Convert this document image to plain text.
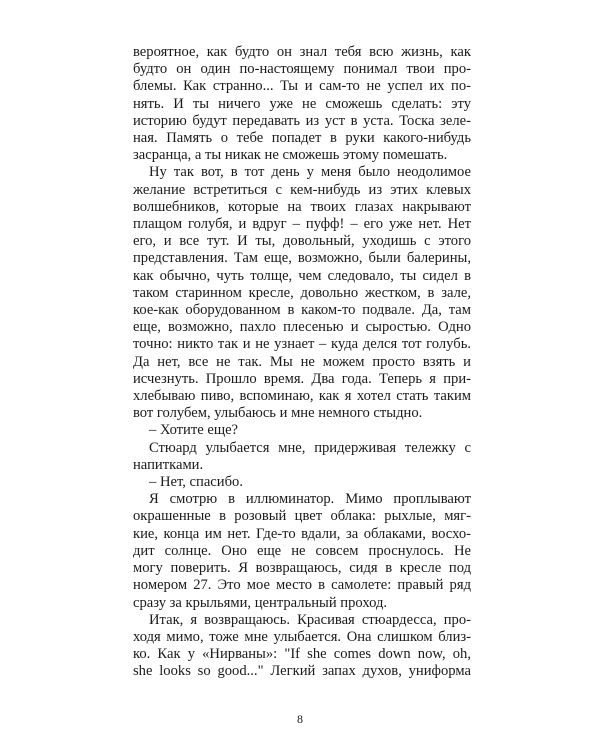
вероятное, как будто он знал тебя всю жизнь, как
будто он один по-настоящему понимал твои про-
блемы. Как странно... Ты и сам-то не успел их по-
нять. И ты ничего уже не сможешь сделать: эту
историю будут передавать из уст в уста. Тоска зеле-
ная. Память о тебе попадет в руки какого-нибудь
засранца, а ты никак не сможешь этому помешать.
Ну так вот, в тот день у меня было неодолимое
желание встретиться с кем-нибудь из этих клевых
волшебников, которые на твоих глазах накрывают
плащом голубя, и вдруг – пуфф! – его уже нет. Нет
его, и все тут. И ты, довольный, уходишь с этого
представления. Там еще, возможно, были балерины,
как обычно, чуть толще, чем следовало, ты сидел в
таком старинном кресле, довольно жестком, в зале,
кое-как оборудованном в каком-то подвале. Да, там
еще, возможно, пахло плесенью и сыростью. Одно
точно: никто так и не узнает – куда делся тот голубь.
Да нет, все не так. Мы не можем просто взять и
исчезнуть. Прошло время. Два года. Теперь я при-
хлебываю пиво, вспоминаю, как я хотел стать таким
вот голубем, улыбаюсь и мне немного стыдно.
– Хотите еще?
Стюард улыбается мне, придерживая тележку с
напитками.
– Нет, спасибо.
Я смотрю в иллюминатор. Мимо проплывают
окрашенные в розовый цвет облака: рыхлые, мяг-
кие, конца им нет. Где-то вдали, за облаками, восхо-
дит солнце. Оно еще не совсем проснулось. Не
могу поверить. Я возвращаюсь, сидя в кресле под
номером 27. Это мое место в самолете: правый ряд
сразу за крыльями, центральный проход.
Итак, я возвращаюсь. Красивая стюардесса, про-
ходя мимо, тоже мне улыбается. Она слишком близ-
ко. Как у «Нирваны»: "If she comes down now, oh,
she looks so good..." Легкий запах духов, униформа
8
